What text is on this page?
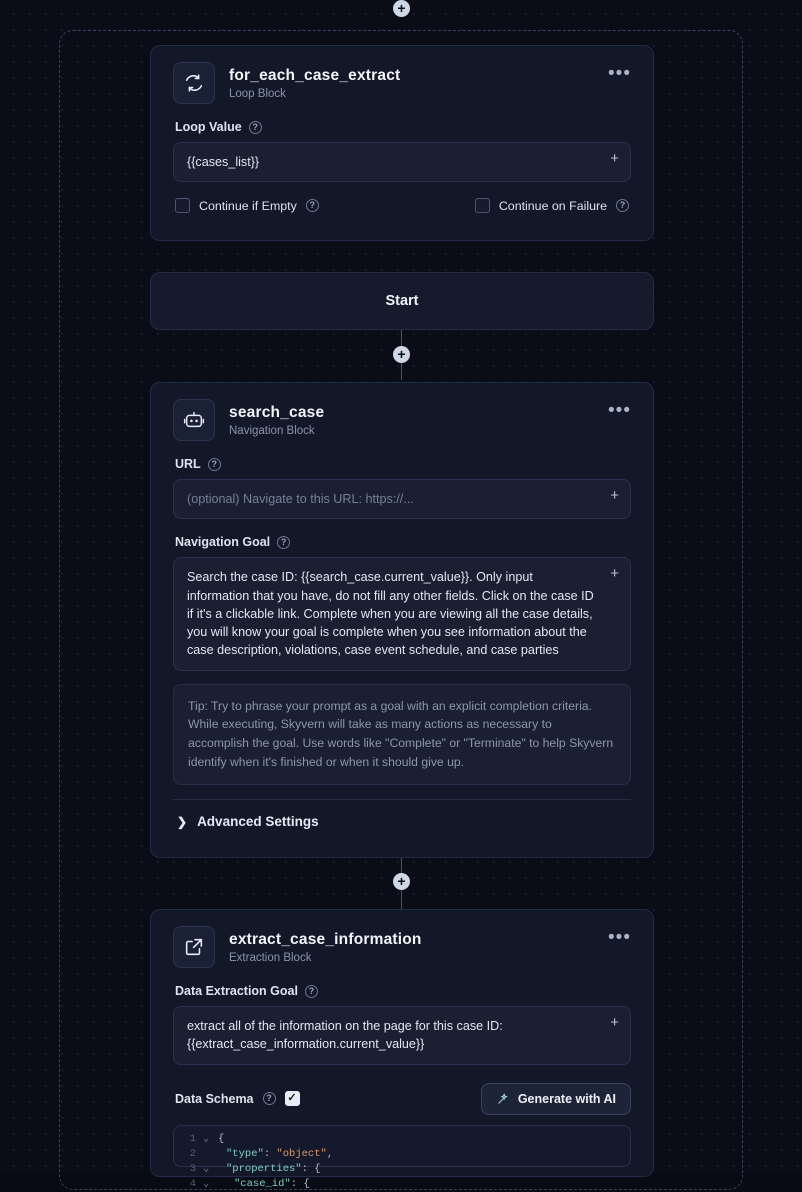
+
for_each_case_extract
Loop Block
•••
Loop Value	?
{{cases_list}}	+
Continue if Empty	?	Continue on Failure	?
Start
+
search_case
Navigation Block
•••
URL	?
(optional) Navigate to this URL: https://...	+
Navigation Goal	?
Search the case ID: {{search_case.current_value}}. Only input information that you have, do not fill any other fields. Click on the case ID if it's a clickable link. Complete when you are viewing all the case details, you will know your goal is complete when you see information about the case description, violations, case event schedule, and case parties
+
Tip: Try to phrase your prompt as a goal with an explicit completion criteria. While executing, Skyvern will take as many actions as necessary to accomplish the goal. Use words like "Complete" or "Terminate" to help Skyvern identify when it's finished or when it should give up.
❯ Advanced Settings
+
extract_case_information
Extraction Block
•••
Data Extraction Goal	?
extract all of the information on the page for this case ID: {{extract_case_information.current_value}}
+
Data Schema	?	✓	Generate with AI
1 ⌄ {
2	"type": "object",
3 ⌄	"properties": {
4 ⌄	"case_id": {
